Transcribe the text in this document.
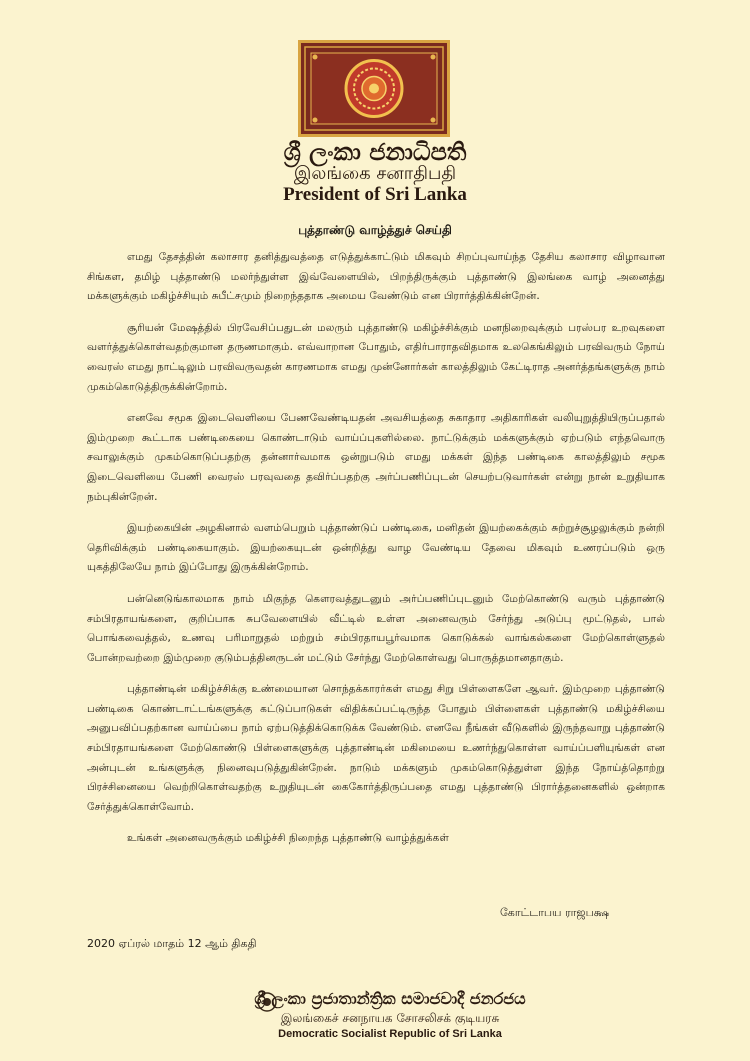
ශ්‍රී ලංකා ජනාධිපති
இலங்கை சனாதிபதி
President of Sri Lanka
புத்தாண்டு வாழ்த்துச் செய்தி

எமது தேசத்தின் கலாசார தனித்துவத்தை எடுத்துக்காட்டும் மிகவும் சிறப்புவாய்ந்த தேசிய கலாசார விழாவான சிங்கள, தமிழ் புத்தாண்டு மலர்ந்துள்ள இவ்வேளையில், பிறந்திருக்கும் புத்தாண்டு இலங்கை வாழ் அனைத்து மக்களுக்கும் மகிழ்ச்சியும் சுபீட்சமும் நிறைந்ததாக அமைய வேண்டும் என பிரார்த்திக்கின்றேன்.

சூரியன் மேஷத்தில் பிரவேசிப்பதுடன் மலரும் புத்தாண்டு மகிழ்ச்சிக்கும் மனநிறைவுக்கும் பரஸ்பர உறவுகளை வளர்த்துக்கொள்வதற்குமான தருணமாகும். எவ்வாறான போதும், எதிர்பாராதவிதமாக உலகெங்கிலும் பரவிவரும் நோய் வைரஸ் எமது நாட்டிலும் பரவிவருவதன் காரணமாக எமது முன்னோர்கள் காலத்திலும் கேட்டிராத அனர்த்தங்களுக்கு நாம் முகம்கொடுத்திருக்கின்றோம்.

எனவே சமூக இடைவெளியை பேணவேண்டியதன் அவசியத்தை சுகாதார அதிகாரிகள் வலியுறுத்தியிருப்பதால் இம்முறை கூட்டாக பண்டிகையை கொண்டாடும் வாய்ப்புகளில்லை. நாட்டுக்கும் மக்களுக்கும் ஏற்படும் எந்தவொரு சவாலுக்கும் முகம்கொடுப்பதற்கு தன்னார்வமாக ஒன்றுபடும் எமது மக்கள் இந்த பண்டிகை காலத்திலும் சமூக இடைவெளியை பேணி வைரஸ் பரவுவதை தவிர்ப்பதற்கு அர்ப்பணிப்புடன் செயற்படுவார்கள் என்று நான் உறுதியாக நம்புகின்றேன்.

இயற்கையின் அழகினால் வளம்பெறும் புத்தாண்டுப் பண்டிகை, மனிதன் இயற்கைக்கும் சுற்றுச்சூழலுக்கும் நன்றி தெரிவிக்கும் பண்டிகையாகும். இயற்கையுடன் ஒன்றித்து வாழ வேண்டிய தேவை மிகவும் உணரப்படும் ஒரு யுகத்திலேயே நாம் இப்போது இருக்கின்றோம்.

பன்னெடுங்காலமாக நாம் மிகுந்த கௌரவத்துடனும் அர்ப்பணிப்புடனும் மேற்கொண்டு வரும் புத்தாண்டு சம்பிரதாயங்களை, குறிப்பாக சுபவேளையில் வீட்டில் உள்ள அனைவரும் சேர்ந்து அடுப்பு மூட்டுதல், பால் பொங்கவைத்தல், உணவு பரிமாறுதல் மற்றும் சம்பிரதாயபூர்வமாக கொடுக்கல் வாங்கல்களை மேற்கொள்ளுதல் போன்றவற்றை இம்முறை குடும்பத்தினருடன் மட்டும் சேர்ந்து மேற்கொள்வது பொருத்தமானதாகும்.

புத்தாண்டின் மகிழ்ச்சிக்கு உண்மையான சொந்தக்காரர்கள் எமது சிறு பிள்ளைகளே ஆவர். இம்முறை புத்தாண்டு பண்டிகை கொண்டாட்டங்களுக்கு கட்டுப்பாடுகள் விதிக்கப்பட்டிருந்த போதும் பிள்ளைகள் புத்தாண்டு மகிழ்ச்சியை அனுபவிப்பதற்கான வாய்ப்பை நாம் ஏற்படுத்திக்கொடுக்க வேண்டும். எனவே நீங்கள் வீடுகளில் இருந்தவாறு புத்தாண்டு சம்பிரதாயங்களை மேற்கொண்டு பிள்ளைகளுக்கு புத்தாண்டின் மகிமையை உணர்ந்துகொள்ள வாய்ப்பளியுங்கள் என அன்புடன் உங்களுக்கு நினைவுபடுத்துகின்றேன். நாடும் மக்களும் முகம்கொடுத்துள்ள இந்த நோய்த்தொற்று பிரச்சினையை வெற்றிகொள்வதற்கு உறுதியுடன் கைகோர்த்திருப்பதை எமது புத்தாண்டு பிரார்த்தனைகளில் ஒன்றாக சேர்த்துக்கொள்வோம்.

உங்கள் அனைவருக்கும் மகிழ்ச்சி நிறைந்த புத்தாண்டு வாழ்த்துக்கள்

கோட்டாபய ராஜபக்ஷ
2020 ஏப்ரல் மாதம் 12 ஆம் திகதி
ශ්‍රී ලංකා ප්‍රජාතාන්ත්‍රික සමාජවාදී ජනරජය
இலங்கைச் சனநாயக சோசலிசக் குடியரசு
Democratic Socialist Republic of Sri Lanka
